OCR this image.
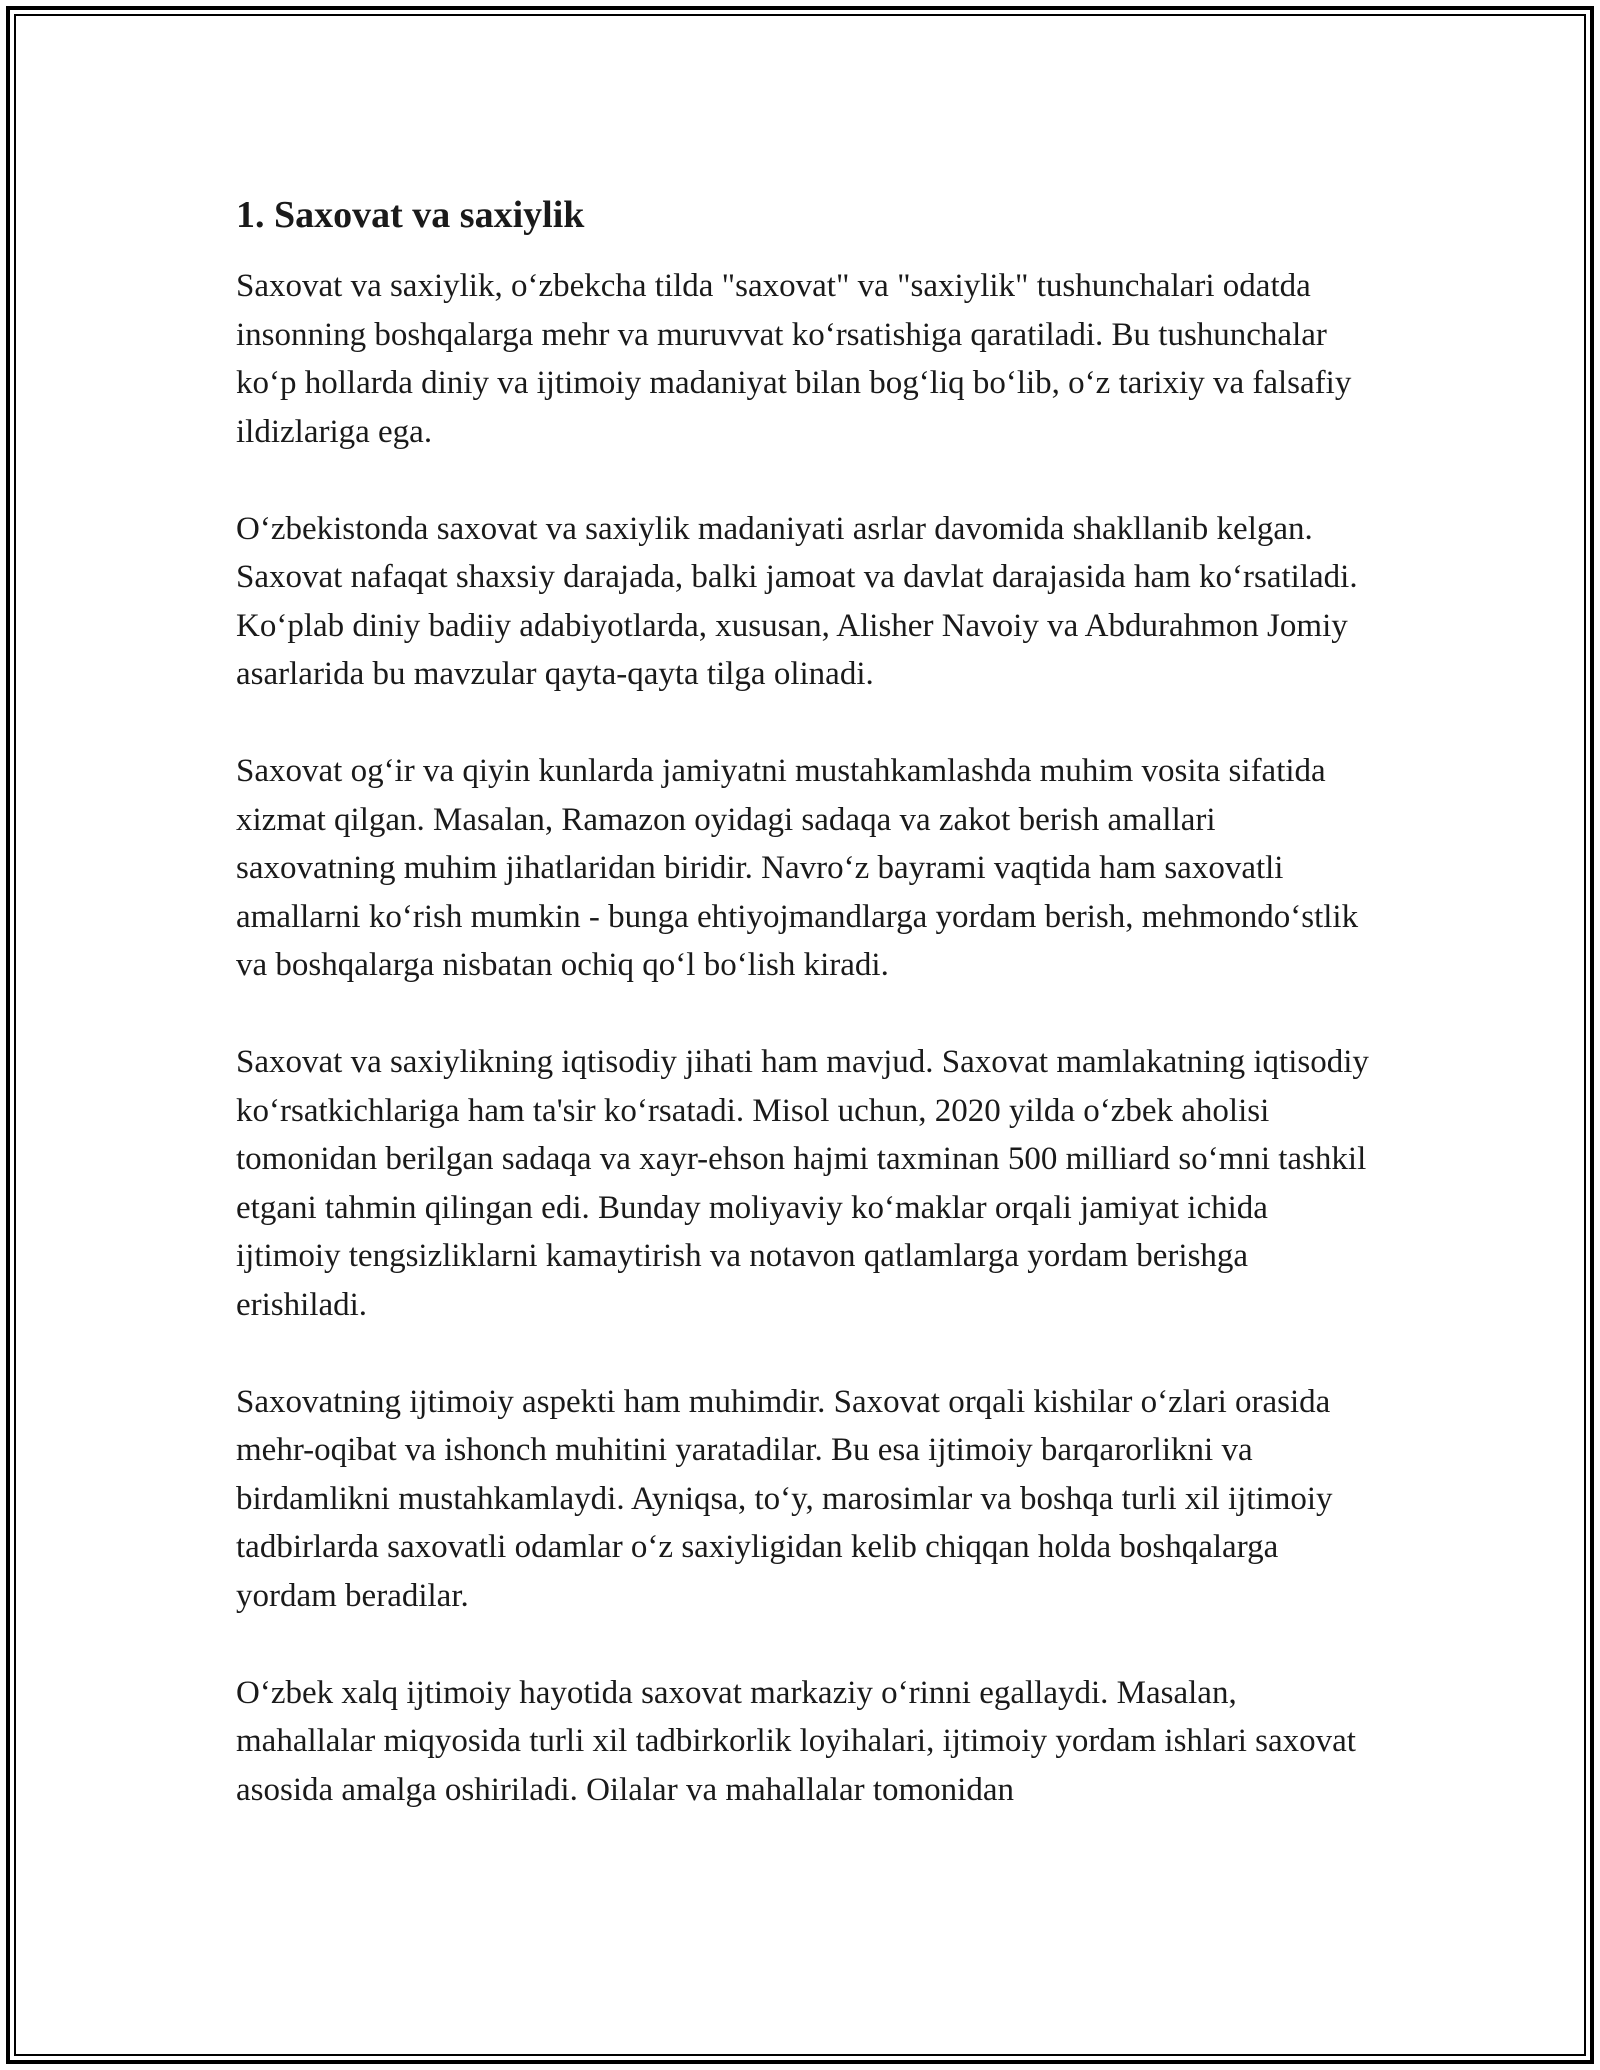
1. Saxovat va saxiylik

Saxovat va saxiylik, o‘zbekcha tilda "saxovat" va "saxiylik" tushunchalari odatda insonning boshqalarga mehr va muruvvat ko‘rsatishiga qaratiladi. Bu tushunchalar ko‘p hollarda diniy va ijtimoiy madaniyat bilan bog‘liq bo‘lib, o‘z tarixiy va falsafiy ildizlariga ega.

O‘zbekistonda saxovat va saxiylik madaniyati asrlar davomida shakllanib kelgan. Saxovat nafaqat shaxsiy darajada, balki jamoat va davlat darajasida ham ko‘rsatiladi. Ko‘plab diniy badiiy adabiyotlarda, xususan, Alisher Navoiy va Abdurahmon Jomiy asarlarida bu mavzular qayta-qayta tilga olinadi.

Saxovat og‘ir va qiyin kunlarda jamiyatni mustahkamlashda muhim vosita sifatida xizmat qilgan. Masalan, Ramazon oyidagi sadaqa va zakot berish amallari saxovatning muhim jihatlaridan biridir. Navro‘z bayrami vaqtida ham saxovatli amallarni ko‘rish mumkin - bunga ehtiyojmandlarga yordam berish, mehmondo‘stlik va boshqalarga nisbatan ochiq qo‘l bo‘lish kiradi.

Saxovat va saxiylikning iqtisodiy jihati ham mavjud. Saxovat mamlakatning iqtisodiy ko‘rsatkichlariga ham ta'sir ko‘rsatadi. Misol uchun, 2020 yilda o‘zbek aholisi tomonidan berilgan sadaqa va xayr-ehson hajmi taxminan 500 milliard so‘mni tashkil etgani tahmin qilingan edi. Bunday moliyaviy ko‘maklar orqali jamiyat ichida ijtimoiy tengsizliklarni kamaytirish va notavon qatlamlarga yordam berishga erishiladi.

Saxovatning ijtimoiy aspekti ham muhimdir. Saxovat orqali kishilar o‘zlari orasida mehr-oqibat va ishonch muhitini yaratadilar. Bu esa ijtimoiy barqarorlikni va birdamlikni mustahkamlaydi. Ayniqsa, to‘y, marosimlar va boshqa turli xil ijtimoiy tadbirlarda saxovatli odamlar o‘z saxiyligidan kelib chiqqan holda boshqalarga yordam beradilar.

O‘zbek xalq ijtimoiy hayotida saxovat markaziy o‘rinni egallaydi. Masalan, mahallalar miqyosida turli xil tadbirkorlik loyihalari, ijtimoiy yordam ishlari saxovat asosida amalga oshiriladi. Oilalar va mahallalar tomonidan
